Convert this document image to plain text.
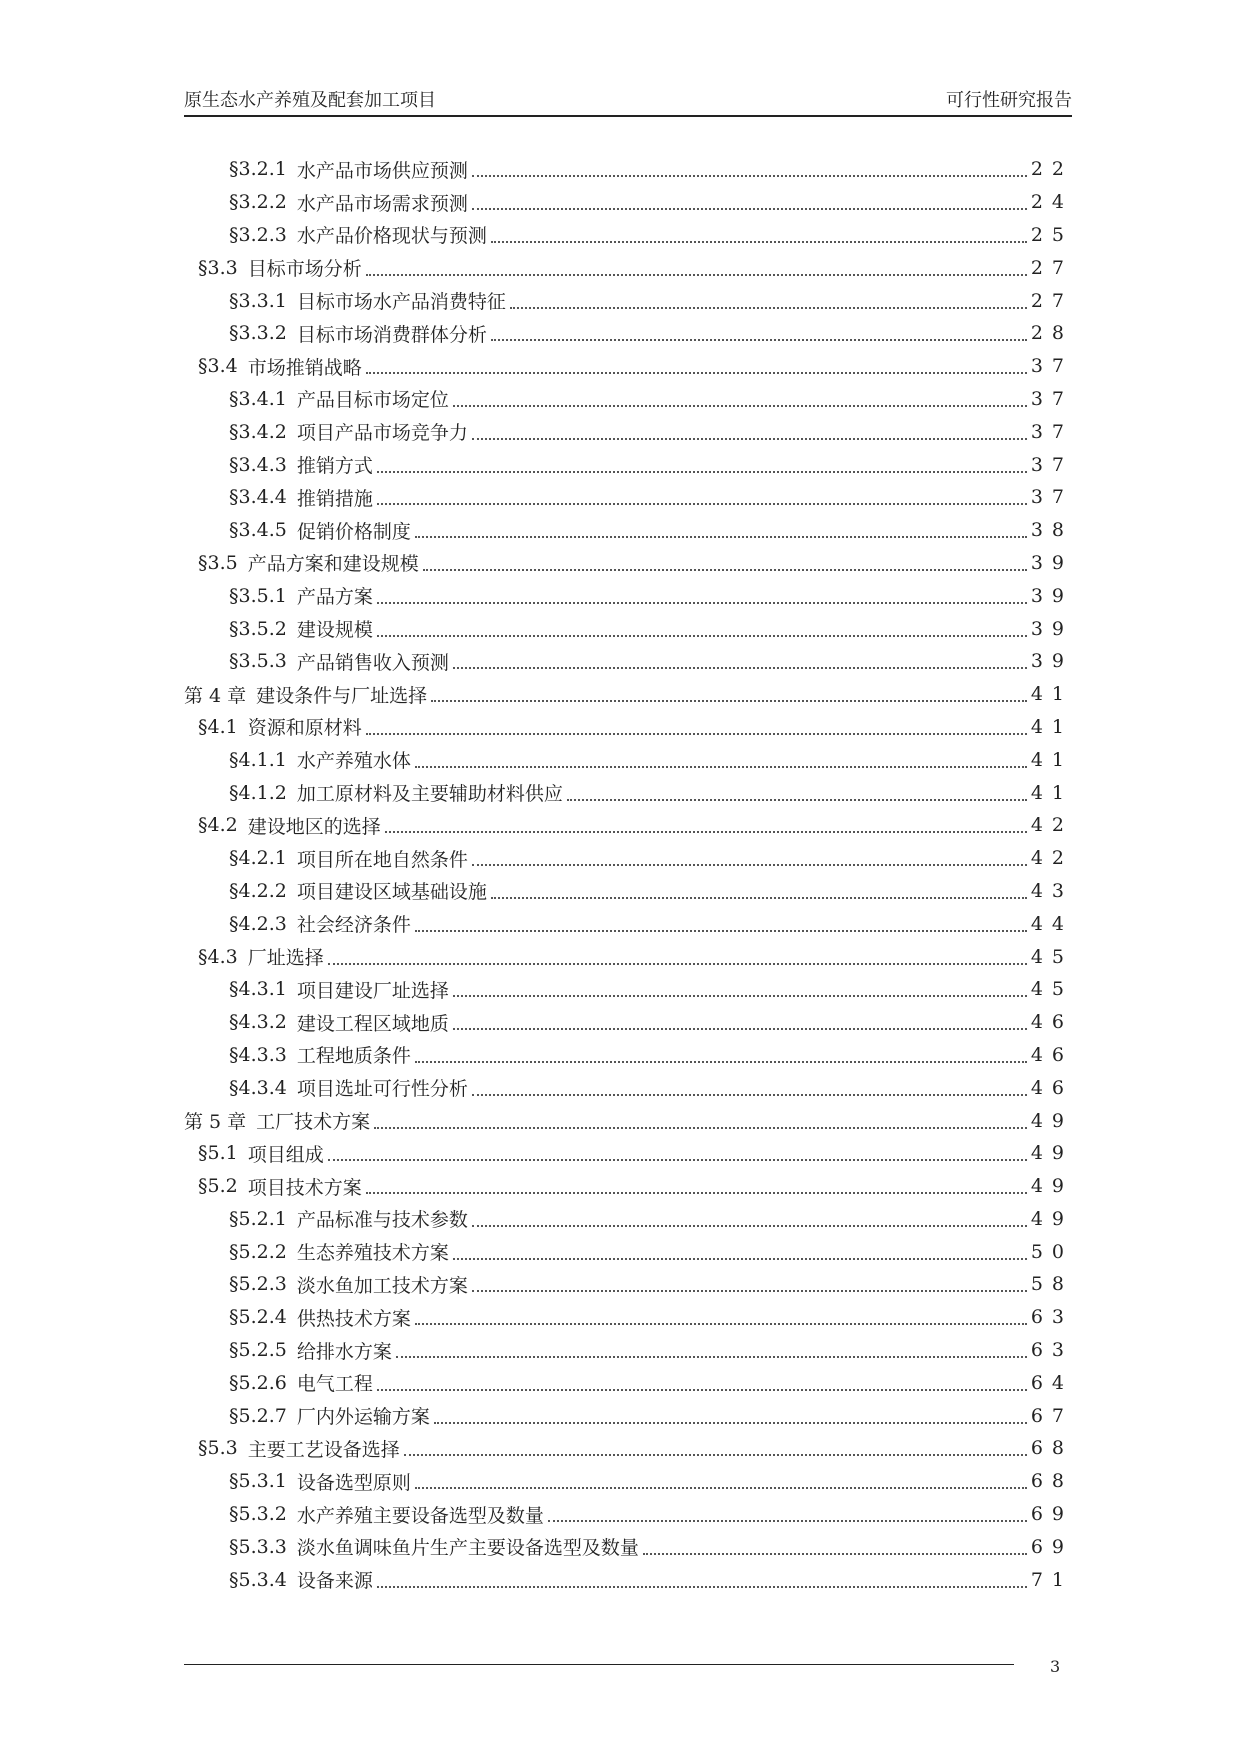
原生态水产养殖及配套加工项目	可行性研究报告
§3.2.1 水产品市场供应预测	22
§3.2.2 水产品市场需求预测	24
§3.2.3 水产品价格现状与预测	25
§3.3 目标市场分析	27
§3.3.1 目标市场水产品消费特征	27
§3.3.2 目标市场消费群体分析	28
§3.4 市场推销战略	37
§3.4.1 产品目标市场定位	37
§3.4.2 项目产品市场竞争力	37
§3.4.3 推销方式	37
§3.4.4 推销措施	37
§3.4.5 促销价格制度	38
§3.5 产品方案和建设规模	39
§3.5.1 产品方案	39
§3.5.2 建设规模	39
§3.5.3 产品销售收入预测	39
第 4 章 建设条件与厂址选择	41
§4.1 资源和原材料	41
§4.1.1 水产养殖水体	41
§4.1.2 加工原材料及主要辅助材料供应	41
§4.2 建设地区的选择	42
§4.2.1 项目所在地自然条件	42
§4.2.2 项目建设区域基础设施	43
§4.2.3 社会经济条件	44
§4.3 厂址选择	45
§4.3.1 项目建设厂址选择	45
§4.3.2 建设工程区域地质	46
§4.3.3 工程地质条件	46
§4.3.4 项目选址可行性分析	46
第 5 章 工厂技术方案	49
§5.1 项目组成	49
§5.2 项目技术方案	49
§5.2.1 产品标准与技术参数	49
§5.2.2 生态养殖技术方案	50
§5.2.3 淡水鱼加工技术方案	58
§5.2.4 供热技术方案	63
§5.2.5 给排水方案	63
§5.2.6 电气工程	64
§5.2.7 厂内外运输方案	67
§5.3 主要工艺设备选择	68
§5.3.1 设备选型原则	68
§5.3.2 水产养殖主要设备选型及数量	69
§5.3.3 淡水鱼调味鱼片生产主要设备选型及数量	69
§5.3.4 设备来源	71
3
